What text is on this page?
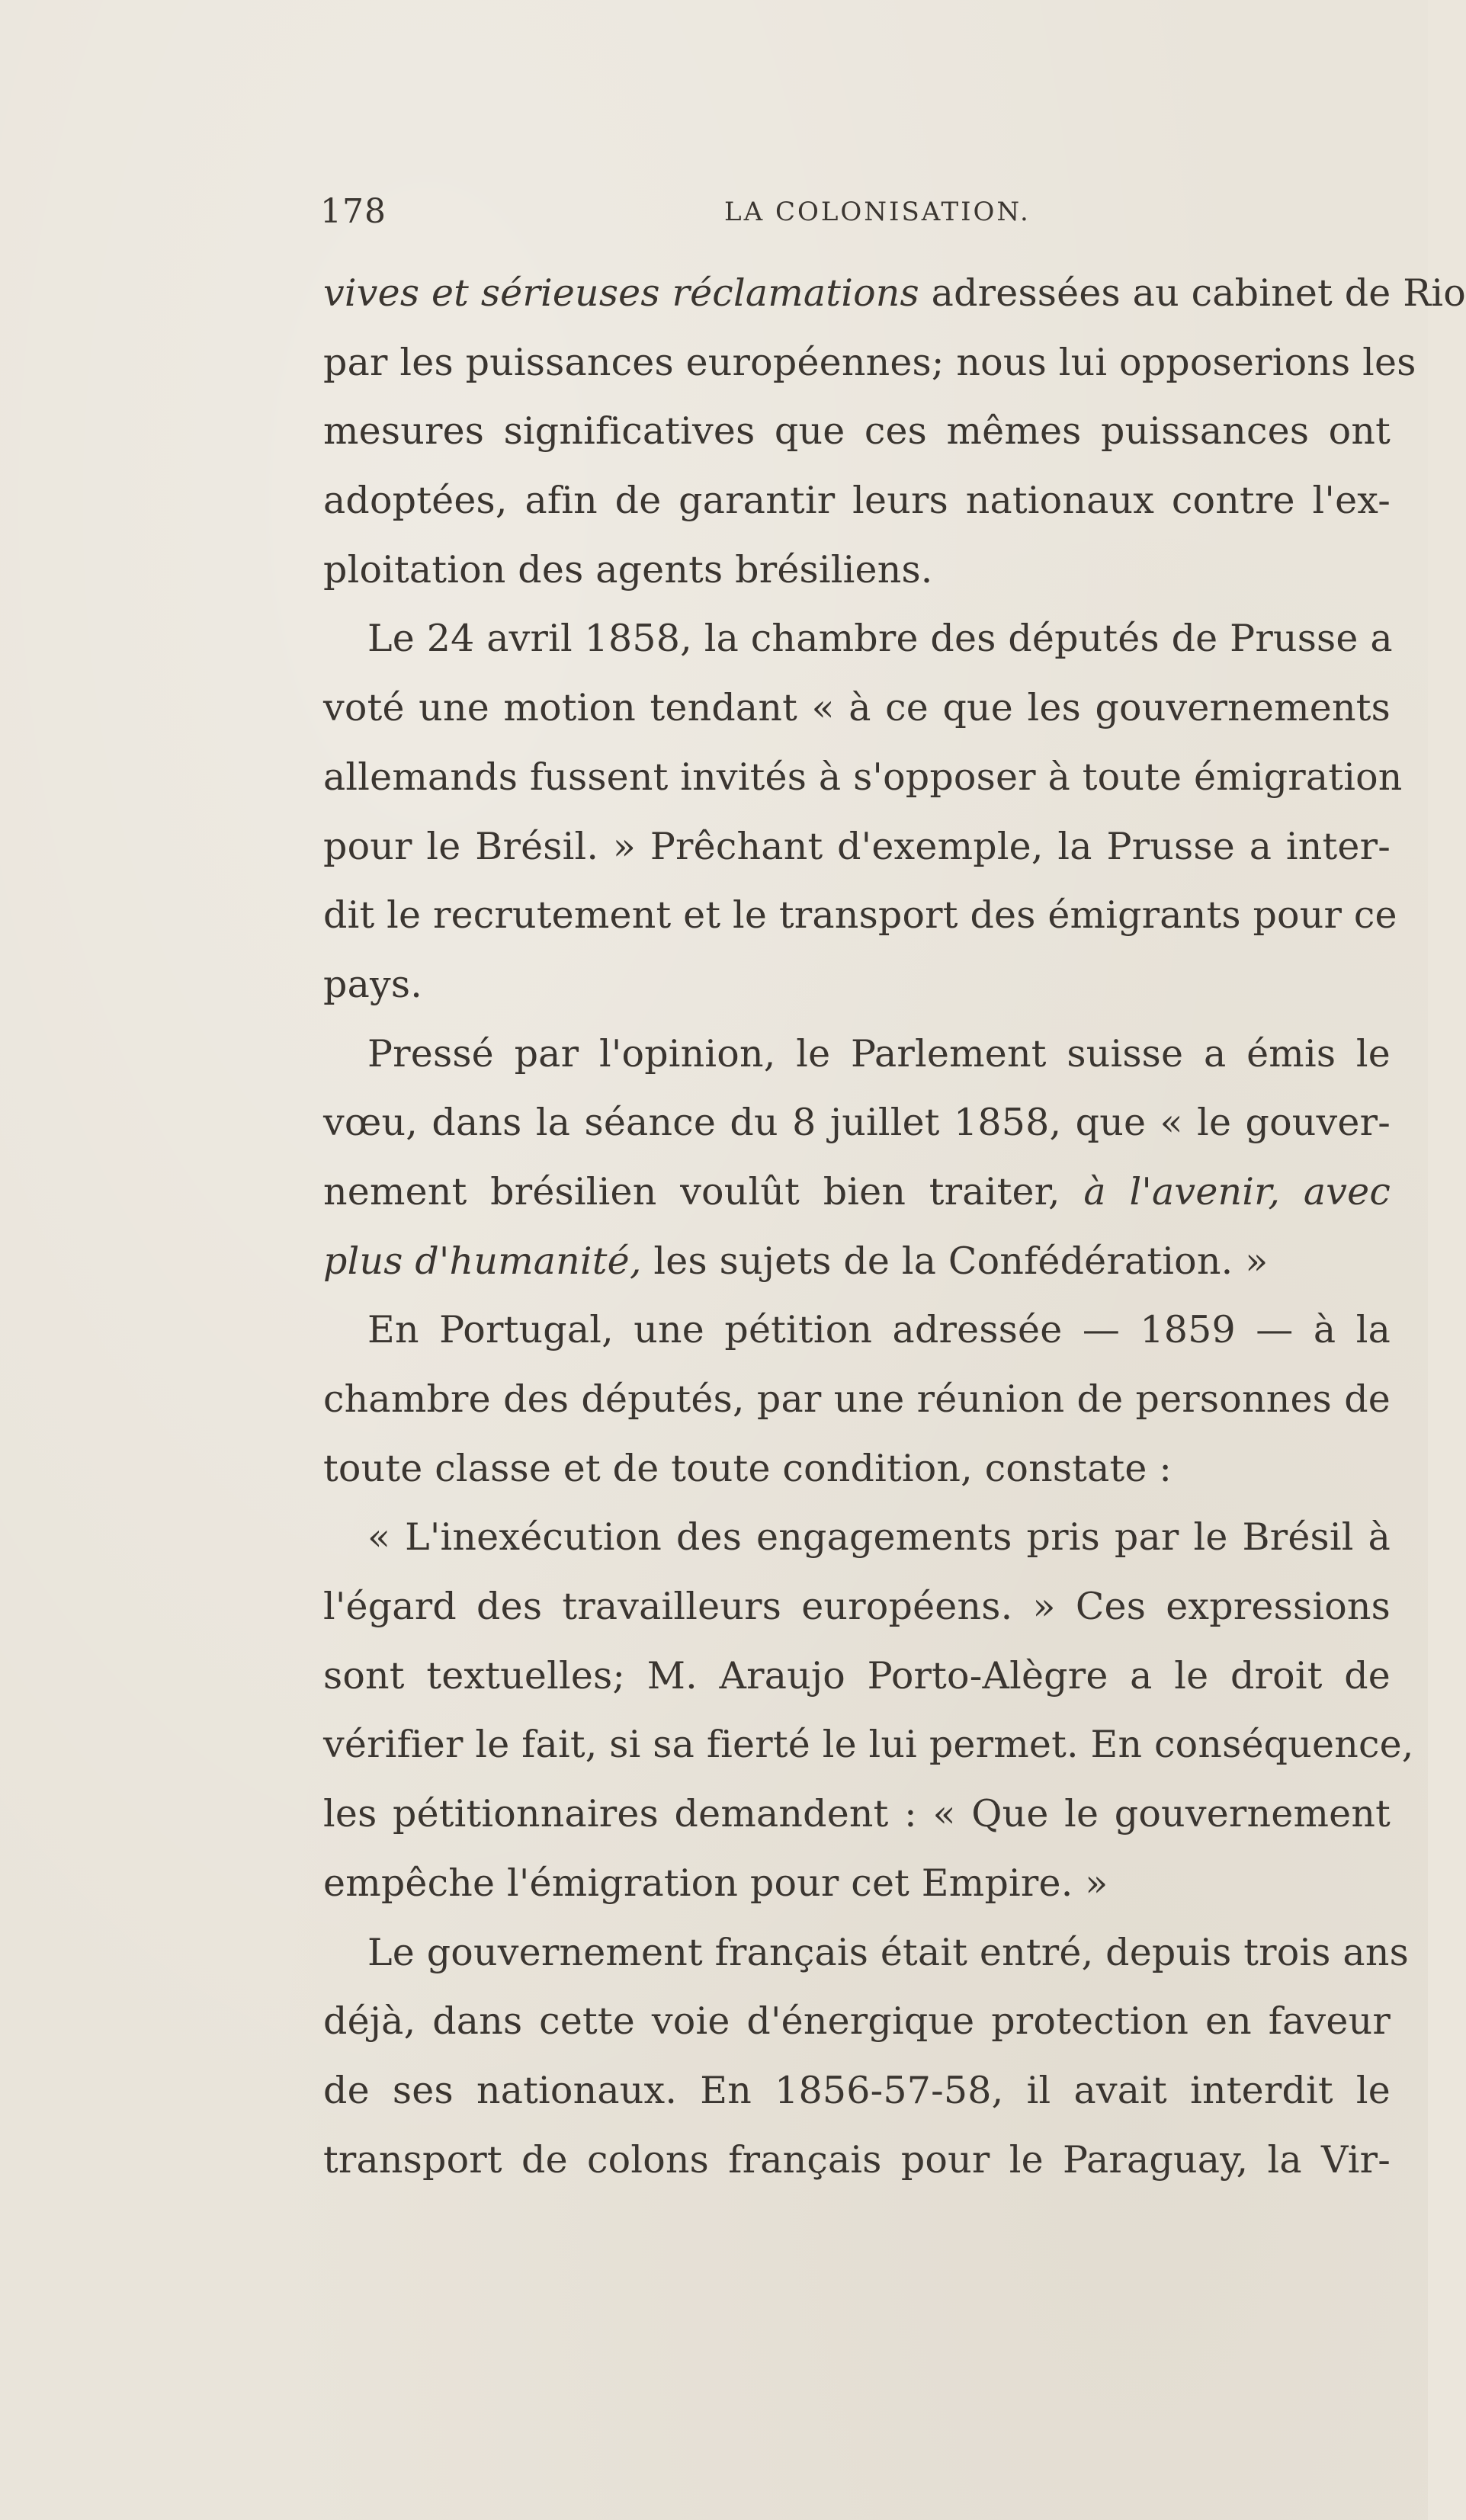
178	LA COLONISATION.
vives et sérieuses réclamations adressées au cabinet de Rio
par les puissances européennes; nous lui opposerions les
mesures significatives que ces mêmes puissances ont
adoptées, afin de garantir leurs nationaux contre l'ex-
ploitation des agents brésiliens.
Le 24 avril 1858, la chambre des députés de Prusse a
voté une motion tendant « à ce que les gouvernements
allemands fussent invités à s'opposer à toute émigration
pour le Brésil. » Prêchant d'exemple, la Prusse a inter-
dit le recrutement et le transport des émigrants pour ce
pays.
Pressé par l'opinion, le Parlement suisse a émis le
vœu, dans la séance du 8 juillet 1858, que « le gouver-
nement brésilien voulût bien traiter, à l'avenir, avec
plus d'humanité, les sujets de la Confédération. »
En Portugal, une pétition adressée — 1859 — à la
chambre des députés, par une réunion de personnes de
toute classe et de toute condition, constate :
« L'inexécution des engagements pris par le Brésil à
l'égard des travailleurs européens. » Ces expressions
sont textuelles; M. Araujo Porto-Alègre a le droit de
vérifier le fait, si sa fierté le lui permet. En conséquence,
les pétitionnaires demandent : « Que le gouvernement
empêche l'émigration pour cet Empire. »
Le gouvernement français était entré, depuis trois ans
déjà, dans cette voie d'énergique protection en faveur
de ses nationaux. En 1856-57-58, il avait interdit le
transport de colons français pour le Paraguay, la Vir-
